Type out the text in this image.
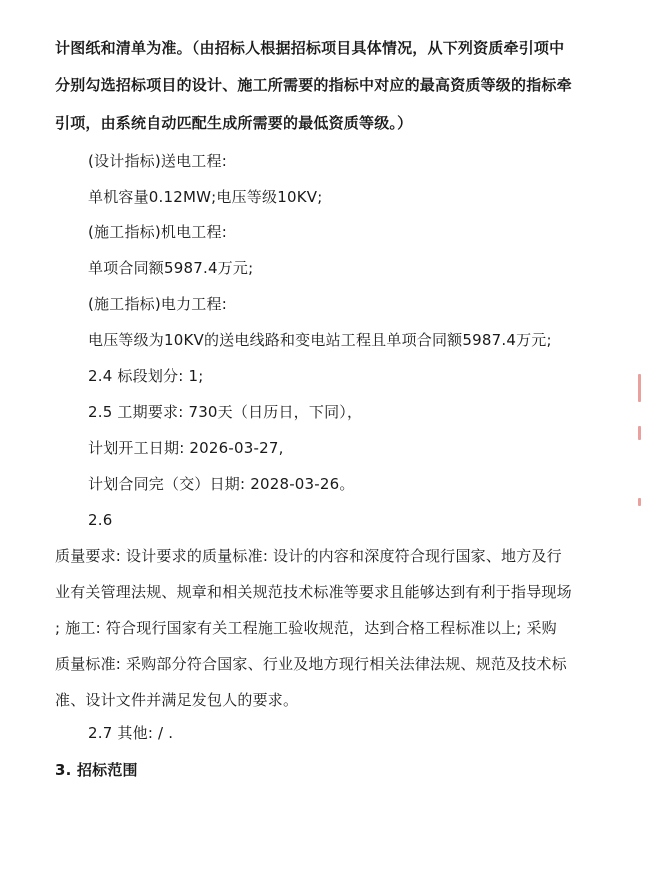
计图纸和清单为准。（由招标人根据招标项目具体情况，从下列资质牵引项中
分别勾选招标项目的设计、施工所需要的指标中对应的最高资质等级的指标牵
引项，由系统自动匹配生成所需要的最低资质等级。）
(设计指标)送电工程:
单机容量0.12MW;电压等级10KV;
(施工指标)机电工程:
单项合同额5987.4万元;
(施工指标)电力工程:
电压等级为10KV的送电线路和变电站工程且单项合同额5987.4万元;
2.4 标段划分: 1;
2.5 工期要求: 730天（日历日，下同），
计划开工日期: 2026-03-27,
计划合同完（交）日期: 2028-03-26。
2.6
质量要求: 设计要求的质量标准: 设计的内容和深度符合现行国家、地方及行
业有关管理法规、规章和相关规范技术标准等要求且能够达到有利于指导现场
; 施工: 符合现行国家有关工程施工验收规范，达到合格工程标准以上; 采购
质量标准: 采购部分符合国家、行业及地方现行相关法律法规、规范及技术标
准、设计文件并满足发包人的要求。
2.7 其他: / .
3. 招标范围
